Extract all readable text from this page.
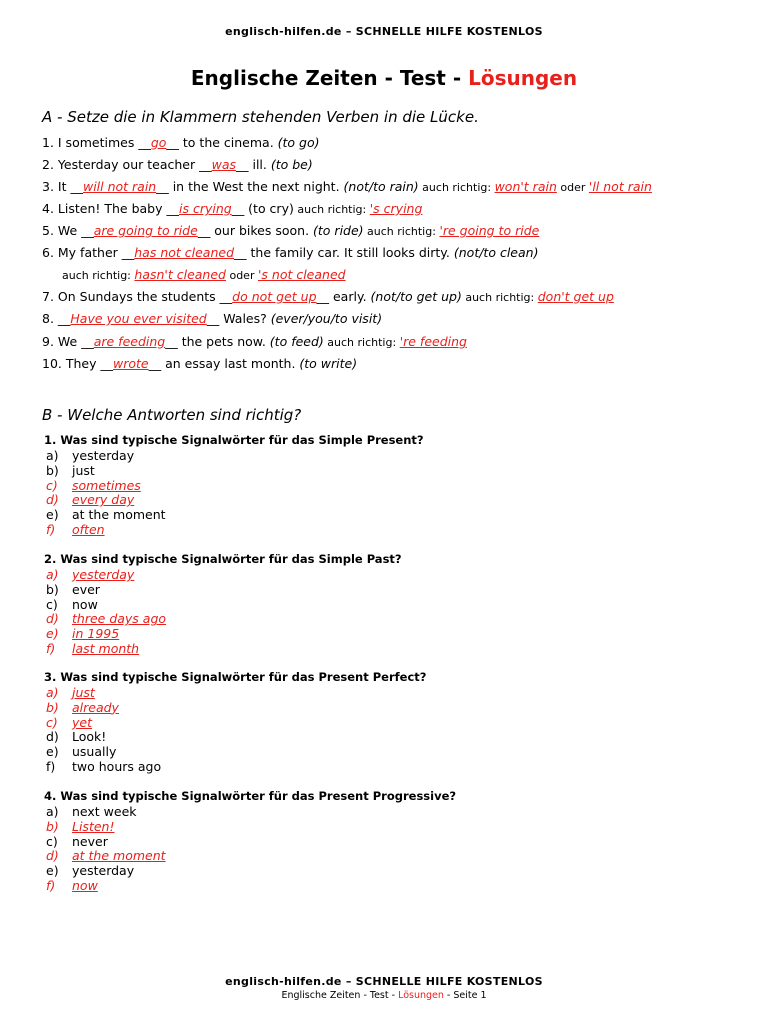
englisch-hilfen.de – SCHNELLE HILFE KOSTENLOS
Englische Zeiten - Test - Lösungen
A - Setze die in Klammern stehenden Verben in die Lücke.
1. I sometimes __go__ to the cinema. (to go)
2. Yesterday our teacher __was__ ill. (to be)
3. It __will not rain__ in the West the next night. (not/to rain) auch richtig: won't rain oder 'll not rain
4. Listen! The baby __is crying__ (to cry) auch richtig: 's crying
5. We __are going to ride__ our bikes soon. (to ride) auch richtig: 're going to ride
6. My father __has not cleaned__ the family car. It still looks dirty. (not/to clean)
auch richtig: hasn't cleaned oder 's not cleaned
7. On Sundays the students __do not get up__ early. (not/to get up) auch richtig: don't get up
8. __Have you ever visited__ Wales? (ever/you/to visit)
9. We __are feeding__ the pets now. (to feed) auch richtig: 're feeding
10. They __wrote__ an essay last month. (to write)
B - Welche Antworten sind richtig?
1. Was sind typische Signalwörter für das Simple Present?
a) yesterday
b) just
c) sometimes
d) every day
e) at the moment
f) often
2. Was sind typische Signalwörter für das Simple Past?
a) yesterday
b) ever
c) now
d) three days ago
e) in 1995
f) last month
3. Was sind typische Signalwörter für das Present Perfect?
a) just
b) already
c) yet
d) Look!
e) usually
f) two hours ago
4. Was sind typische Signalwörter für das Present Progressive?
a) next week
b) Listen!
c) never
d) at the moment
e) yesterday
f) now
englisch-hilfen.de – SCHNELLE HILFE KOSTENLOS
Englische Zeiten - Test - Lösungen - Seite 1
